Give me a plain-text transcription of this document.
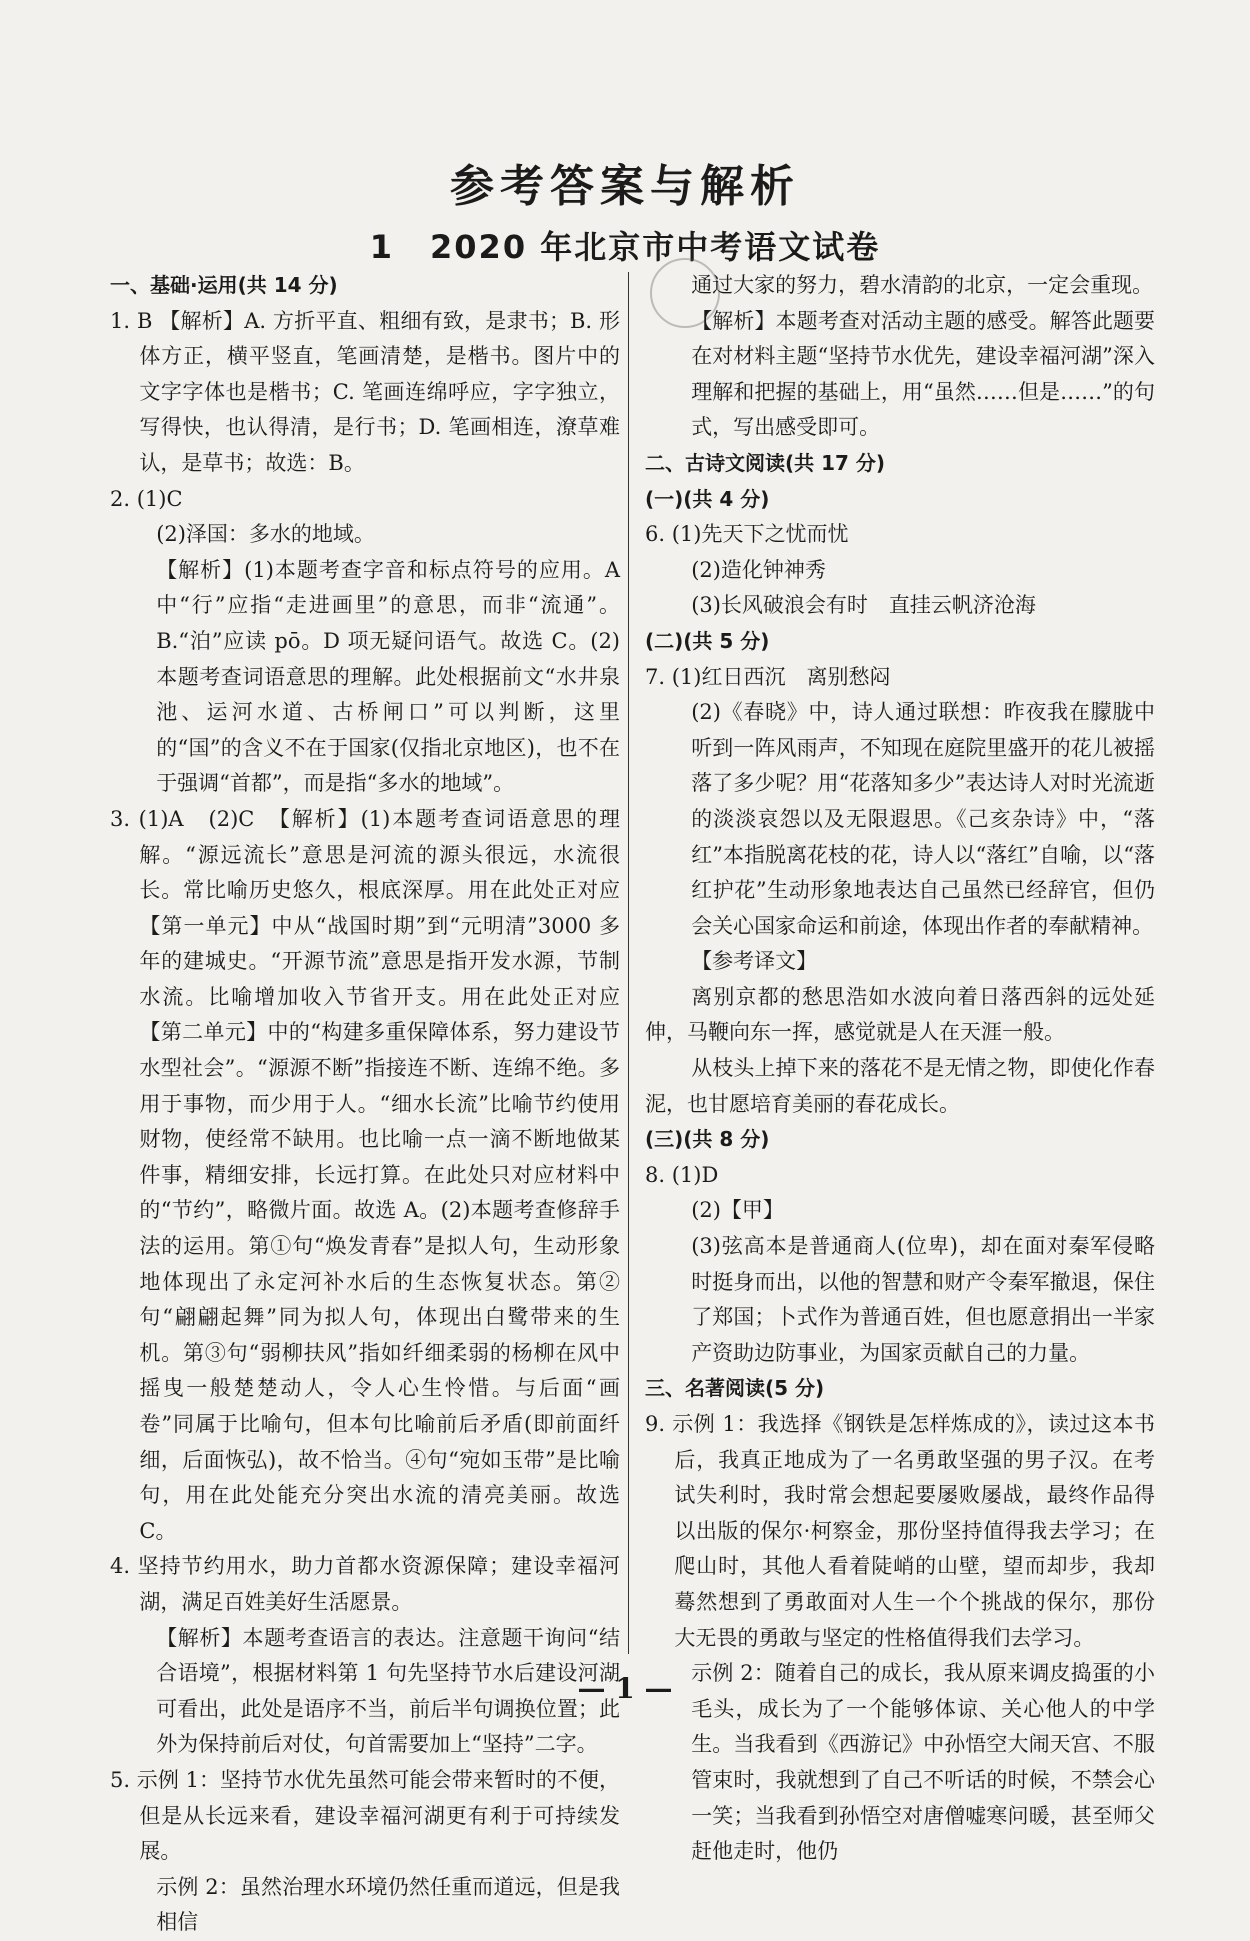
参考答案与解析
1 2020 年北京市中考语文试卷
一、基础·运用(共 14 分)
1. B 【解析】A. 方折平直、粗细有致，是隶书；B. 形体方正，横平竖直，笔画清楚，是楷书。图片中的文字字体也是楷书；C. 笔画连绵呼应，字字独立，写得快，也认得清，是行书；D. 笔画相连，潦草难认，是草书；故选：B。
2. (1)C
(2)泽国：多水的地域。
【解析】(1)本题考查字音和标点符号的应用。A 中“行”应指“走进画里”的意思，而非“流通”。B.“泊”应读 pō。D 项无疑问语气。故选 C。(2)本题考查词语意思的理解。此处根据前文“水井泉池、运河水道、古桥闸口”可以判断，这里的“国”的含义不在于国家(仅指北京地区)，也不在于强调“首都”，而是指“多水的地域”。
3. (1)A　(2)C　【解析】(1)本题考查词语意思的理解。“源远流长”意思是河流的源头很远，水流很长。常比喻历史悠久，根底深厚。用在此处正对应【第一单元】中从“战国时期”到“元明清”3000 多年的建城史。“开源节流”意思是指开发水源，节制水流。比喻增加收入节省开支。用在此处正对应【第二单元】中的“构建多重保障体系，努力建设节水型社会”。“源源不断”指接连不断、连绵不绝。多用于事物，而少用于人。“细水长流”比喻节约使用财物，使经常不缺用。也比喻一点一滴不断地做某件事，精细安排，长远打算。在此处只对应材料中的“节约”，略微片面。故选 A。(2)本题考查修辞手法的运用。第①句“焕发青春”是拟人句，生动形象地体现出了永定河补水后的生态恢复状态。第②句“翩翩起舞”同为拟人句，体现出白鹭带来的生机。第③句“弱柳扶风”指如纤细柔弱的杨柳在风中摇曳一般楚楚动人，令人心生怜惜。与后面“画卷”同属于比喻句，但本句比喻前后矛盾(即前面纤细，后面恢弘)，故不恰当。④句“宛如玉带”是比喻句，用在此处能充分突出水流的清亮美丽。故选 C。
4. 坚持节约用水，助力首都水资源保障；建设幸福河湖，满足百姓美好生活愿景。
【解析】本题考查语言的表达。注意题干询问“结合语境”，根据材料第 1 句先坚持节水后建设河湖可看出，此处是语序不当，前后半句调换位置；此外为保持前后对仗，句首需要加上“坚持”二字。
5. 示例 1：坚持节水优先虽然可能会带来暂时的不便，但是从长远来看，建设幸福河湖更有利于可持续发展。
示例 2：虽然治理水环境仍然任重而道远，但是我相信
通过大家的努力，碧水清韵的北京，一定会重现。
【解析】本题考查对活动主题的感受。解答此题要在对材料主题“坚持节水优先，建设幸福河湖”深入理解和把握的基础上，用“虽然……但是……”的句式，写出感受即可。
二、古诗文阅读(共 17 分)
(一)(共 4 分)
6. (1)先天下之忧而忧
(2)造化钟神秀
(3)长风破浪会有时　直挂云帆济沧海
(二)(共 5 分)
7. (1)红日西沉　离别愁闷
(2)《春晓》中，诗人通过联想：昨夜我在朦胧中听到一阵风雨声，不知现在庭院里盛开的花儿被摇落了多少呢？用“花落知多少”表达诗人对时光流逝的淡淡哀怨以及无限遐思。《己亥杂诗》中，“落红”本指脱离花枝的花，诗人以“落红”自喻，以“落红护花”生动形象地表达自己虽然已经辞官，但仍会关心国家命运和前途，体现出作者的奉献精神。
【参考译文】
离别京都的愁思浩如水波向着日落西斜的远处延伸，马鞭向东一挥，感觉就是人在天涯一般。
从枝头上掉下来的落花不是无情之物，即使化作春泥，也甘愿培育美丽的春花成长。
(三)(共 8 分)
8. (1)D
(2)【甲】
(3)弦高本是普通商人(位卑)，却在面对秦军侵略时挺身而出，以他的智慧和财产令秦军撤退，保住了郑国；卜式作为普通百姓，但也愿意捐出一半家产资助边防事业，为国家贡献自己的力量。
三、名著阅读(5 分)
9. 示例 1：我选择《钢铁是怎样炼成的》，读过这本书后，我真正地成为了一名勇敢坚强的男子汉。在考试失利时，我时常会想起要屡败屡战，最终作品得以出版的保尔·柯察金，那份坚持值得我去学习；在爬山时，其他人看着陡峭的山壁，望而却步，我却蓦然想到了勇敢面对人生一个个挑战的保尔，那份大无畏的勇敢与坚定的性格值得我们去学习。
示例 2：随着自己的成长，我从原来调皮捣蛋的小毛头，成长为了一个能够体谅、关心他人的中学生。当我看到《西游记》中孙悟空大闹天宫、不服管束时，我就想到了自己不听话的时候，不禁会心一笑；当我看到孙悟空对唐僧嘘寒问暖，甚至师父赶他走时，他仍
— 1 —
